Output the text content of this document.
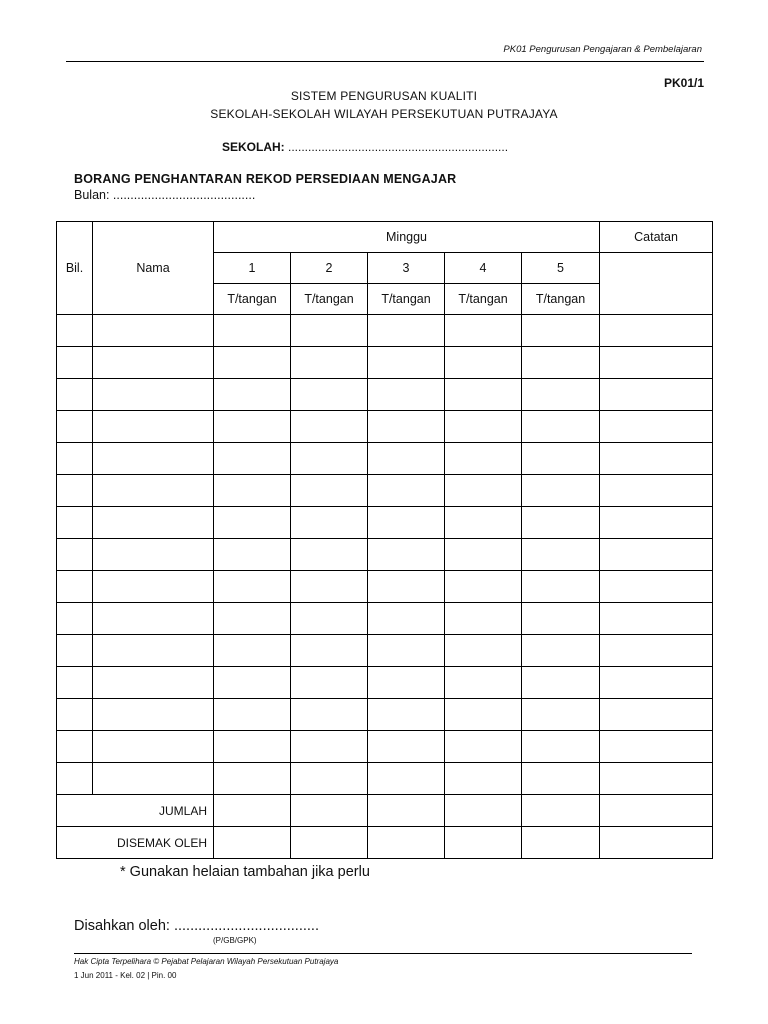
PK01 Pengurusan Pengajaran & Pembelajaran
PK01/1
SISTEM PENGURUSAN KUALITI
SEKOLAH-SEKOLAH WILAYAH PERSEKUTUAN PUTRAJAYA
SEKOLAH: ..................................................................
BORANG PENGHANTARAN REKOD PERSEDIAAN MENGAJAR
Bulan: .........................................
Bil.	Nama	Minggu					Catatan
		1	2	3	4	5	
		T/tangan	T/tangan	T/tangan	T/tangan	T/tangan	

JUMLAH							
DISEMAK OLEH							
* Gunakan helaian tambahan jika perlu
Disahkan oleh: ....................................
(P/GB/GPK)
Hak Cipta Terpelihara © Pejabat Pelajaran Wilayah Persekutuan Putrajaya
1 Jun 2011 - Kel. 02 | Pin. 00
